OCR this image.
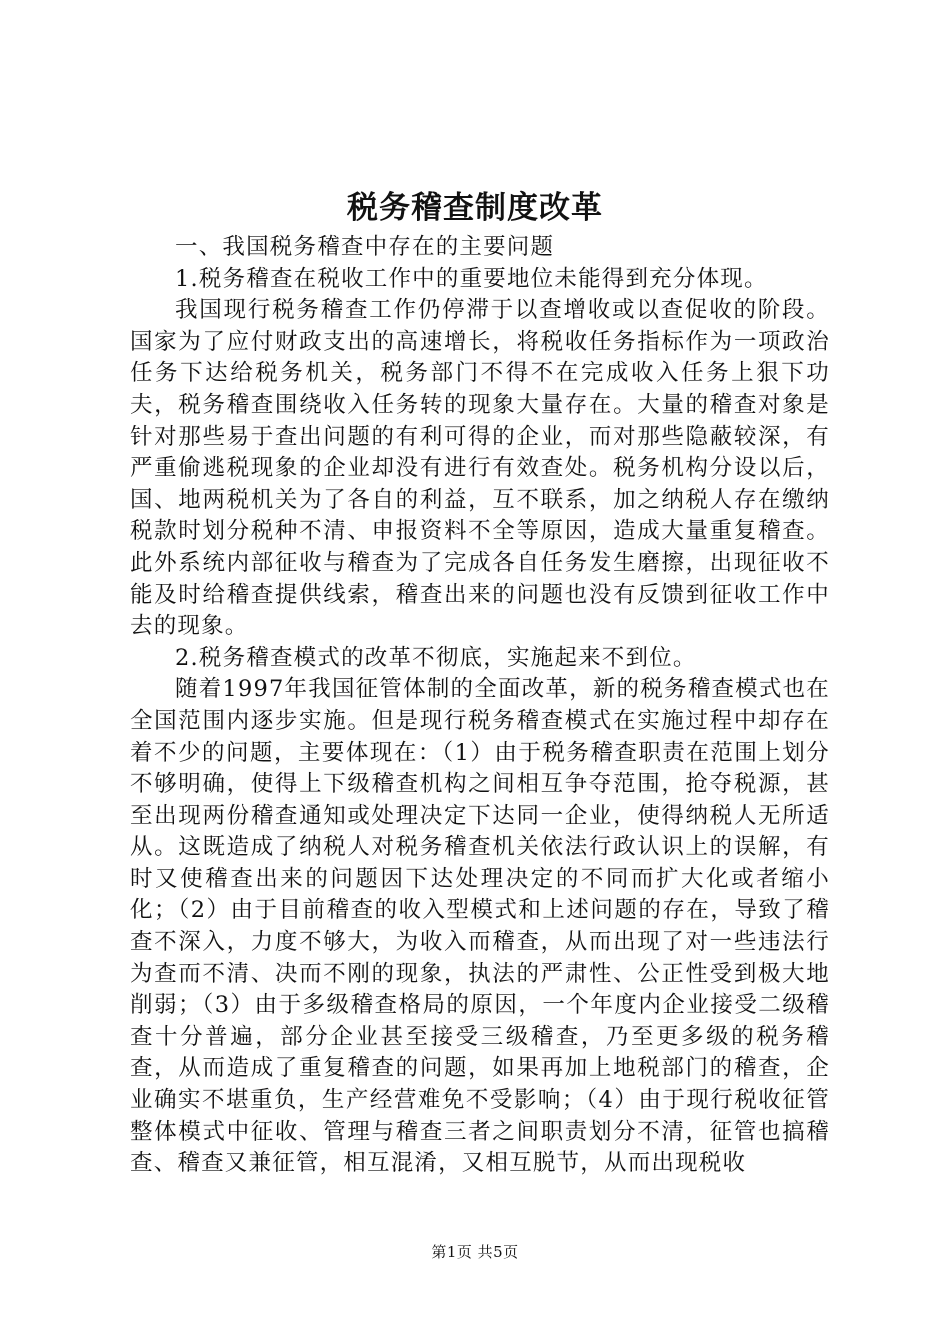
税务稽查制度改革

一、我国税务稽查中存在的主要问题

1.税务稽查在税收工作中的重要地位未能得到充分体现。

我国现行税务稽查工作仍停滞于以查增收或以查促收的阶段。国家为了应付财政支出的高速增长，将税收任务指标作为一项政治任务下达给税务机关，税务部门不得不在完成收入任务上狠下功夫，税务稽查围绕收入任务转的现象大量存在。大量的稽查对象是针对那些易于查出问题的有利可得的企业，而对那些隐蔽较深，有严重偷逃税现象的企业却没有进行有效查处。税务机构分设以后，国、地两税机关为了各自的利益，互不联系，加之纳税人存在缴纳税款时划分税种不清、申报资料不全等原因，造成大量重复稽查。此外系统内部征收与稽查为了完成各自任务发生磨擦，出现征收不能及时给稽查提供线索，稽查出来的问题也没有反馈到征收工作中去的现象。

2.税务稽查模式的改革不彻底，实施起来不到位。

随着1997年我国征管体制的全面改革，新的税务稽查模式也在全国范围内逐步实施。但是现行税务稽查模式在实施过程中却存在着不少的问题，主要体现在：（1）由于税务稽查职责在范围上划分不够明确，使得上下级稽查机构之间相互争夺范围，抢夺税源，甚至出现两份稽查通知或处理决定下达同一企业，使得纳税人无所适从。这既造成了纳税人对税务稽查机关依法行政认识上的误解，有时又使稽查出来的问题因下达处理决定的不同而扩大化或者缩小化；（2）由于目前稽查的收入型模式和上述问题的存在，导致了稽查不深入，力度不够大，为收入而稽查，从而出现了对一些违法行为查而不清、决而不刚的现象，执法的严肃性、公正性受到极大地削弱；（3）由于多级稽查格局的原因，一个年度内企业接受二级稽查十分普遍，部分企业甚至接受三级稽查，乃至更多级的税务稽查，从而造成了重复稽查的问题，如果再加上地税部门的稽查，企业确实不堪重负，生产经营难免不受影响；（4）由于现行税收征管整体模式中征收、管理与稽查三者之间职责划分不清，征管也搞稽查、稽查又兼征管，相互混淆，又相互脱节，从而出现税收

第1页 共5页
